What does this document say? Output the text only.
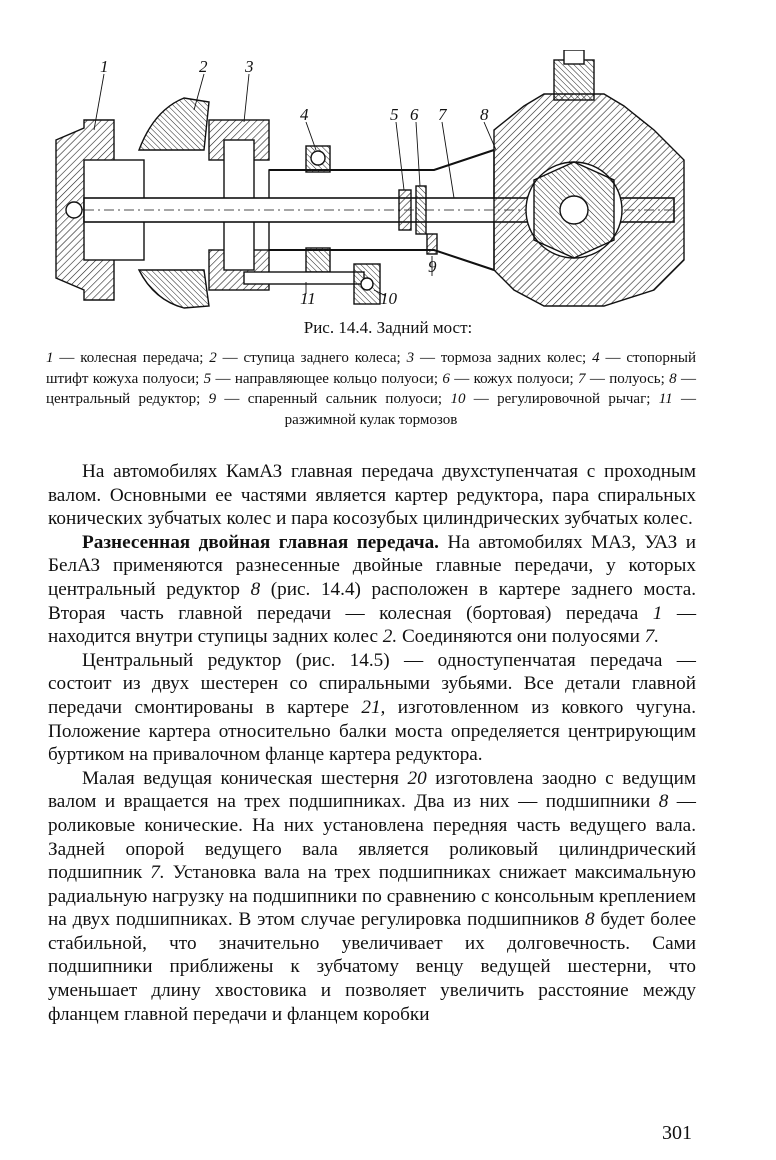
1	2 3
4	5 6 7 8
9
10
11
Рис. 14.4. Задний мост:
1 — колесная передача; 2 — ступица заднего колеса; 3 — тормоза задних колес; 4 — стопорный штифт кожуха полуоси; 5 — направляющее кольцо полуоси; 6 — кожух полуоси; 7 — полуось; 8 — центральный редуктор; 9 — спаренный сальник полуоси; 10 — регулировочной рычаг; 11 — разжимной кулак тормозов

На автомобилях КамАЗ главная передача двухступенчатая с проходным валом. Основными ее частями является картер редуктора, пара спиральных конических зубчатых колес и пара косозубых цилиндрических зубчатых колес.

Разнесенная двойная главная передача. На автомобилях МАЗ, УАЗ и БелАЗ применяются разнесенные двойные главные передачи, у которых центральный редуктор 8 (рис. 14.4) расположен в картере заднего моста. Вторая часть главной передачи — колесная (бортовая) передача 1 — находится внутри ступицы задних колес 2. Соединяются они полуосями 7.

Центральный редуктор (рис. 14.5) — одноступенчатая передача — состоит из двух шестерен со спиральными зубьями. Все детали главной передачи смонтированы в картере 21, изготовленном из ковкого чугуна. Положение картера относительно балки моста определяется центрирующим буртиком на привалочном фланце картера редуктора.

Малая ведущая коническая шестерня 20 изготовлена заодно с ведущим валом и вращается на трех подшипниках. Два из них — подшипники 8 — роликовые конические. На них установлена передняя часть ведущего вала. Задней опорой ведущего вала является роликовый цилиндрический подшипник 7. Установка вала на трех подшипниках снижает максимальную радиальную нагрузку на подшипники по сравнению с консольным креплением на двух подшипниках. В этом случае регулировка подшипников 8 будет более стабильной, что значительно увеличивает их долговечность. Сами подшипники приближены к зубчатому венцу ведущей шестерни, что уменьшает длину хвостовика и позволяет увеличить расстояние между фланцем главной передачи и фланцем коробки

301
